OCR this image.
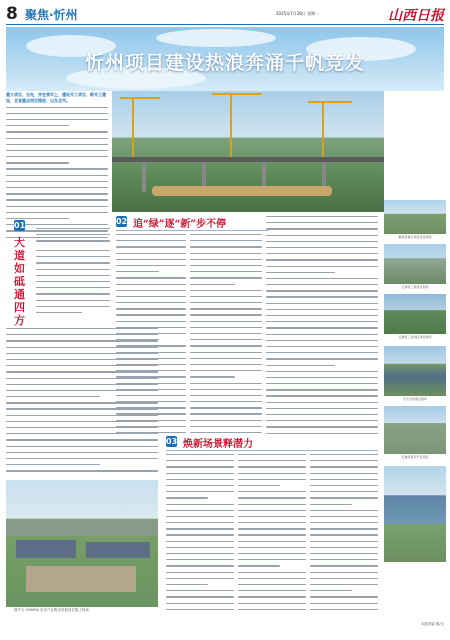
8 聚焦·忻州	2025年7月28日 星期一	山西日报
忻州项目建设热浪奔涌千帆竞发
重大项目，当先，并在我市上，建设开工项目，新开工建设，全省重点项目推进，以及全市。
01
大道如砥通四方
图中为 500MW 光伏产业集成发展项目施工现场
02 追“绿”逐“新”步不停
03 焕新场景释潜力
繁峙县重点项目建设现场
五寨县工程建设现场
定襄县工业园区建设现场
光伏发电项目现场
定襄县新型产业项目
本版责编 图/文
